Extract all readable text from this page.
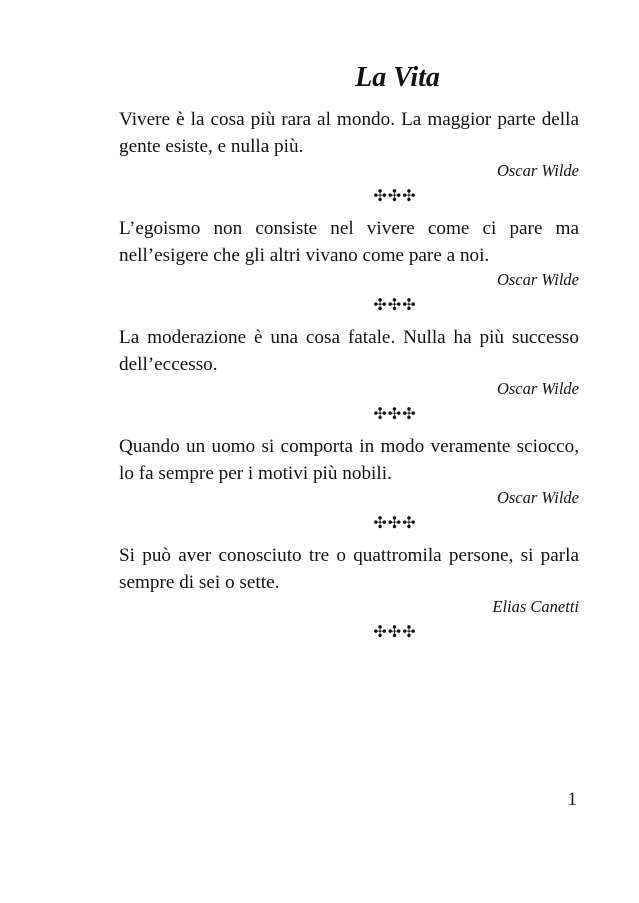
La Vita

Vivere è la cosa più rara al mondo. La maggior parte della gente esiste, e nulla più.

Oscar Wilde

✣✣✣

L’egoismo non consiste nel vivere come ci pare ma nell’esigere che gli altri vivano come pare a noi.

Oscar Wilde

✣✣✣

La moderazione è una cosa fatale. Nulla ha più successo dell’eccesso.

Oscar Wilde

✣✣✣

Quando un uomo si comporta in modo veramente sciocco, lo fa sempre per i motivi più nobili.

Oscar Wilde

✣✣✣

Si può aver conosciuto tre o quattromila persone, si parla sempre di sei o sette.

Elias Canetti

✣✣✣
1
